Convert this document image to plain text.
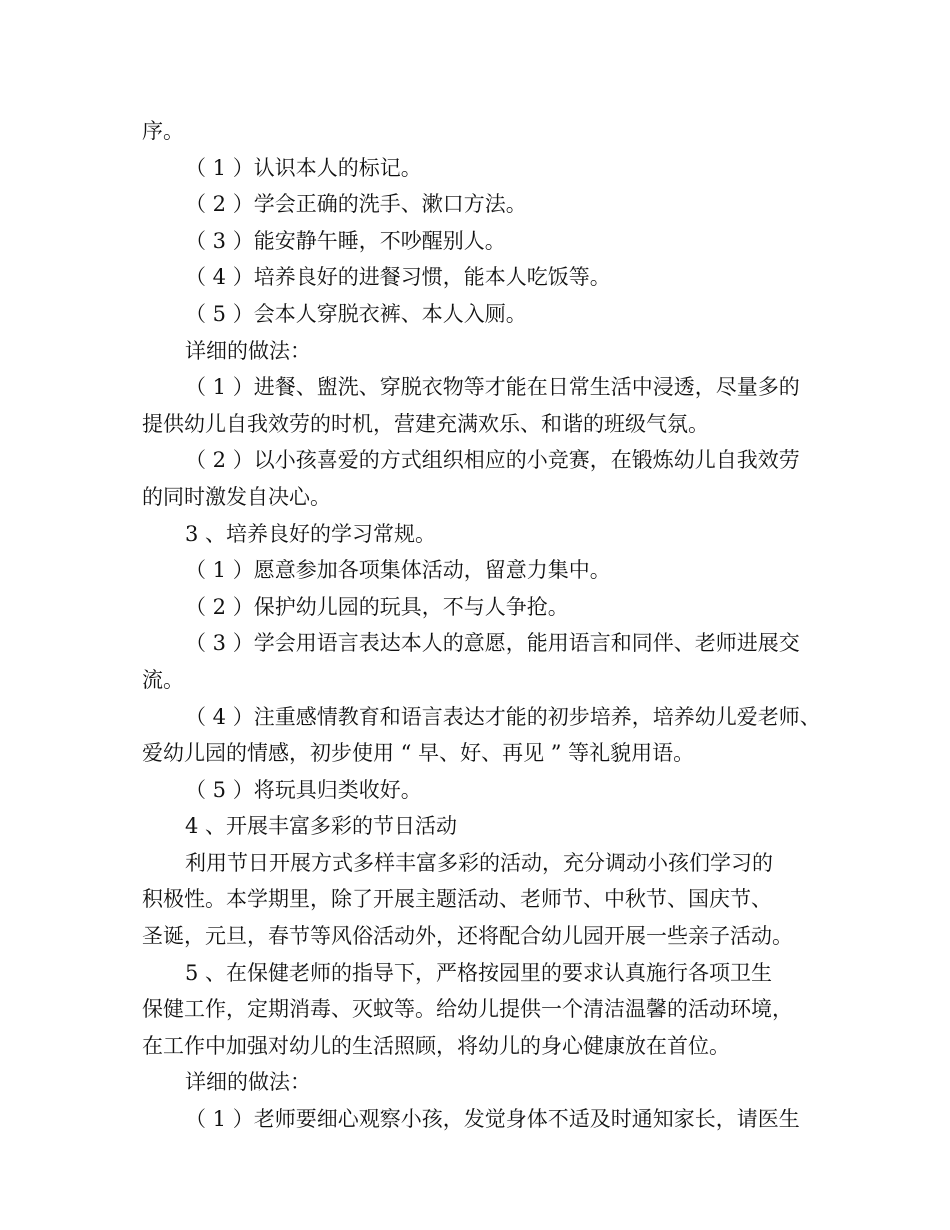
序。
（ 1 ）认识本人的标记。
（ 2 ）学会正确的洗手、漱口方法。
（ 3 ）能安静午睡，不吵醒别人。
（ 4 ）培养良好的进餐习惯，能本人吃饭等。
（ 5 ）会本人穿脱衣裤、本人入厕。
详细的做法：
（ 1 ）进餐、盥洗、穿脱衣物等才能在日常生活中浸透，尽量多的
提供幼儿自我效劳的时机，营建充满欢乐、和谐的班级气氛。
（ 2 ）以小孩喜爱的方式组织相应的小竞赛，在锻炼幼儿自我效劳
的同时激发自决心。
3 、培养良好的学习常规。
（ 1 ）愿意参加各项集体活动，留意力集中。
（ 2 ）保护幼儿园的玩具，不与人争抢。
（ 3 ）学会用语言表达本人的意愿，能用语言和同伴、老师进展交
流。
（ 4 ）注重感情教育和语言表达才能的初步培养，培养幼儿爱老师、
爱幼儿园的情感，初步使用 “ 早、好、再见 ” 等礼貌用语。
（ 5 ）将玩具归类收好。
4 、开展丰富多彩的节日活动
利用节日开展方式多样丰富多彩的活动，充分调动小孩们学习的
积极性。本学期里，除了开展主题活动、老师节、中秋节、国庆节、
圣诞，元旦，春节等风俗活动外，还将配合幼儿园开展一些亲子活动。
5 、在保健老师的指导下，严格按园里的要求认真施行各项卫生
保健工作，定期消毒、灭蚊等。给幼儿提供一个清洁温馨的活动环境，
在工作中加强对幼儿的生活照顾，将幼儿的身心健康放在首位。
详细的做法：
（ 1 ）老师要细心观察小孩，发觉身体不适及时通知家长，请医生
